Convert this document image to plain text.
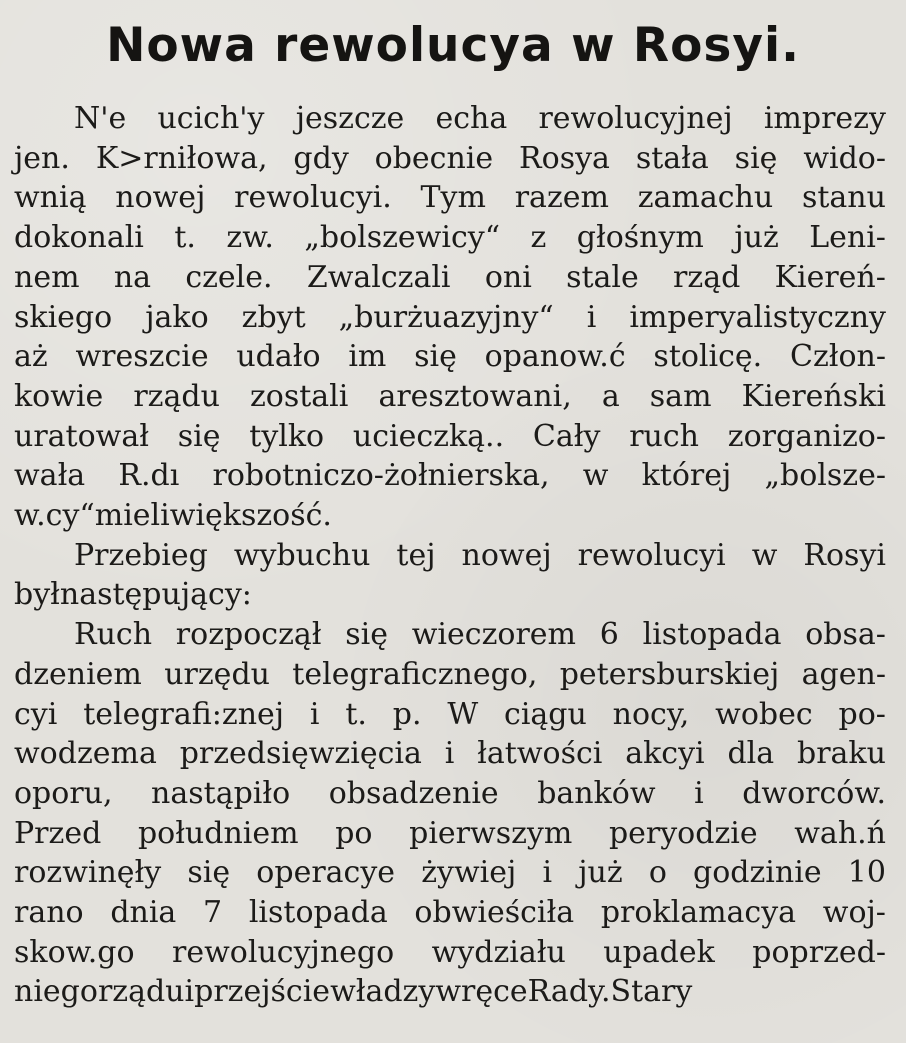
Nowa rewolucya w Rosyi.
N'e ucich'y jeszcze echa rewolucyjnej imprezy
jen. K>rniłowa, gdy obecnie Rosya stała się wido-
wnią nowej rewolucyi. Tym razem zamachu stanu
dokonali t. zw. „bolszewicy“ z głośnym już Leni-
nem na czele. Zwalczali oni stale rząd Kiereń-
skiego jako zbyt „burżuazyjny“ i imperyalistyczny
aż wreszcie udało im się opanow.ć stolicę. Człon-
kowie rządu zostali aresztowani, a sam Kiereński
uratował się tylko ucieczką.. Cały ruch zorganizo-
wała R.dı robotniczo-żołnierska, w której „bolsze-
w.cy“ mieli większość.
Przebieg wybuchu tej nowej rewolucyi w Rosyi
był następujący:
Ruch rozpoczął się wieczorem 6 listopada obsa-
dzeniem urzędu telegraficznego, petersburskiej agen-
cyi telegrafi:znej i t. p. W ciągu nocy, wobec po-
wodzema przedsięwzięcia i łatwości akcyi dla braku
oporu, nastąpiło obsadzenie banków i dworców.
Przed południem po pierwszym peryodzie wah.ń
rozwinęły się operacye żywiej i już o godzinie 10
rano dnia 7 listopada obwieściła proklamacya woj-
skow.go rewolucyjnego wydziału upadek poprzed-
niego rządu i przejście władzy w ręce Rady. Stary
